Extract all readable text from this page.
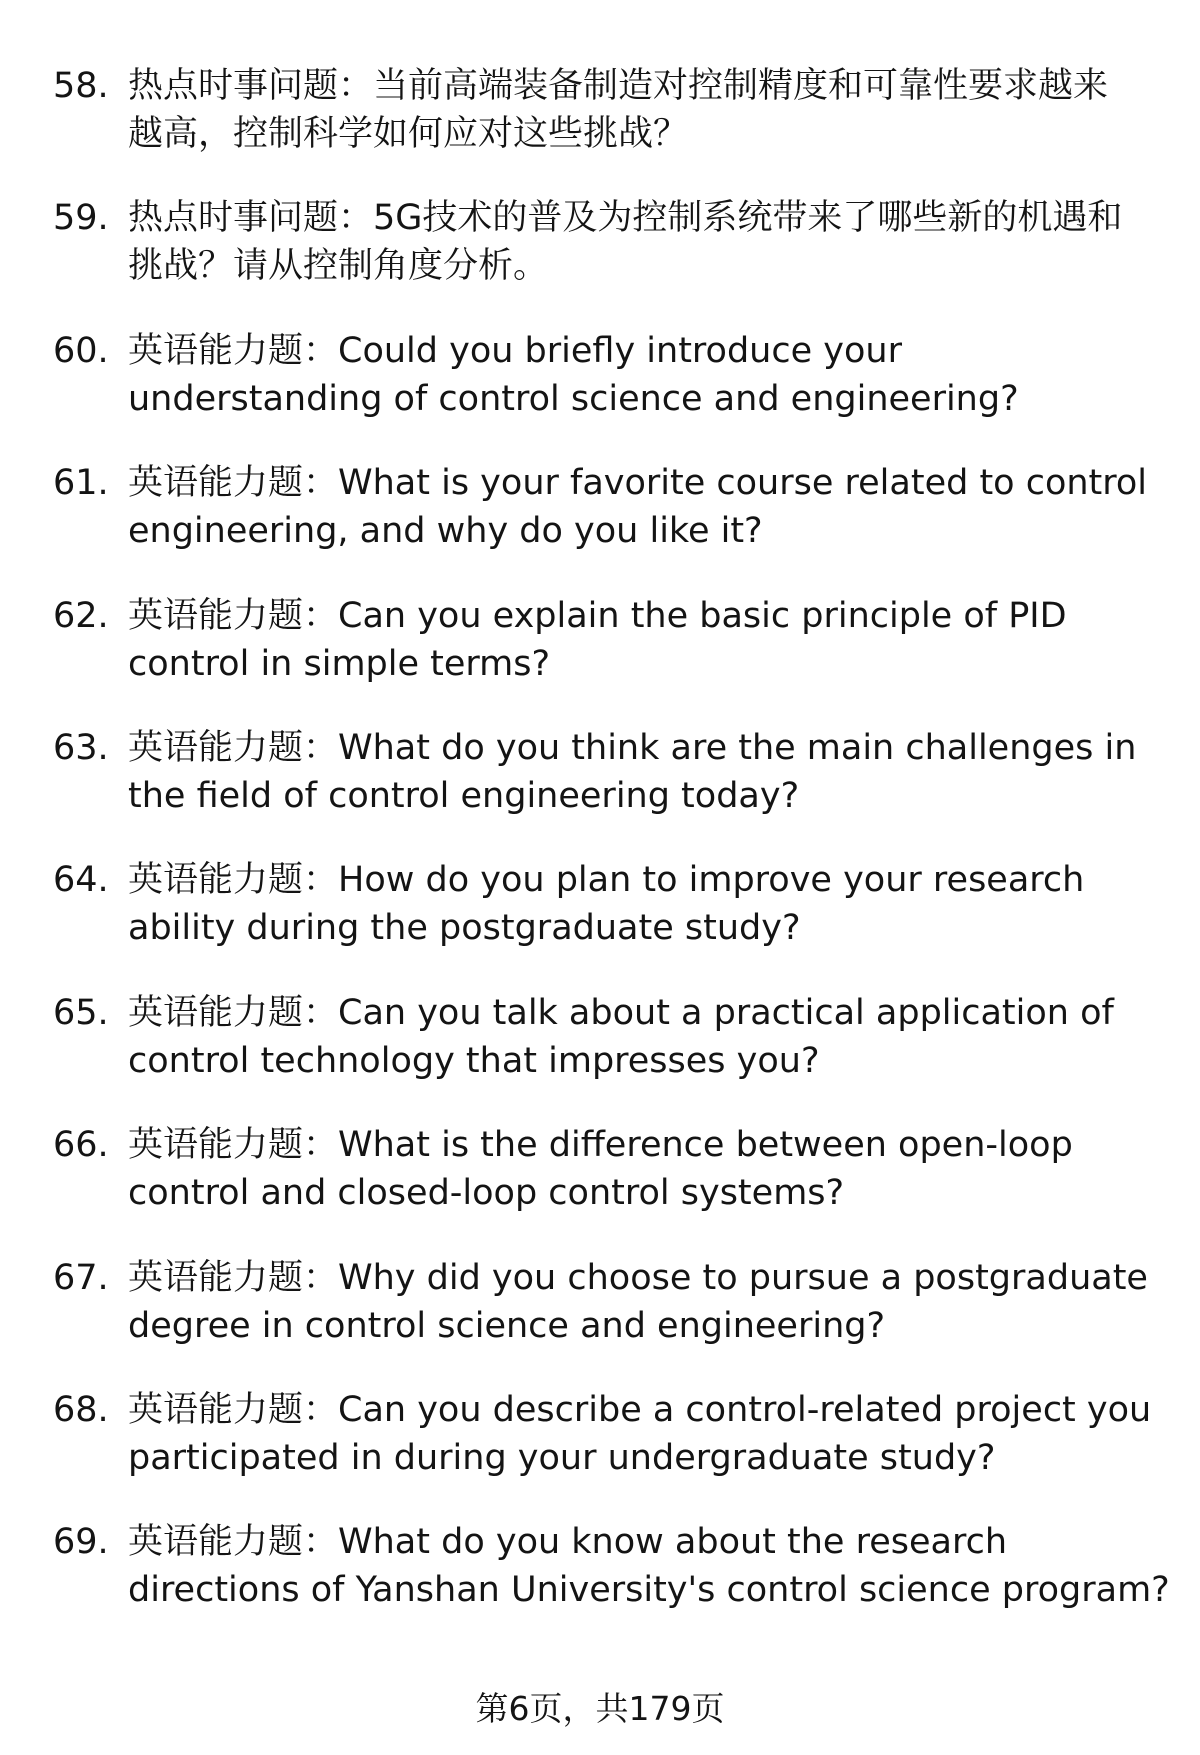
58. 热点时事问题：当前高端装备制造对控制精度和可靠性要求越来
越高，控制科学如何应对这些挑战？
59. 热点时事问题：5G技术的普及为控制系统带来了哪些新的机遇和
挑战？请从控制角度分析。
60. 英语能力题：Could you briefly introduce your
understanding of control science and engineering?
61. 英语能力题：What is your favorite course related to control
engineering, and why do you like it?
62. 英语能力题：Can you explain the basic principle of PID
control in simple terms?
63. 英语能力题：What do you think are the main challenges in
the field of control engineering today?
64. 英语能力题：How do you plan to improve your research
ability during the postgraduate study?
65. 英语能力题：Can you talk about a practical application of
control technology that impresses you?
66. 英语能力题：What is the difference between open-loop
control and closed-loop control systems?
67. 英语能力题：Why did you choose to pursue a postgraduate
degree in control science and engineering?
68. 英语能力题：Can you describe a control-related project you
participated in during your undergraduate study?
69. 英语能力题：What do you know about the research
directions of Yanshan University's control science program?
第6页，共179页
